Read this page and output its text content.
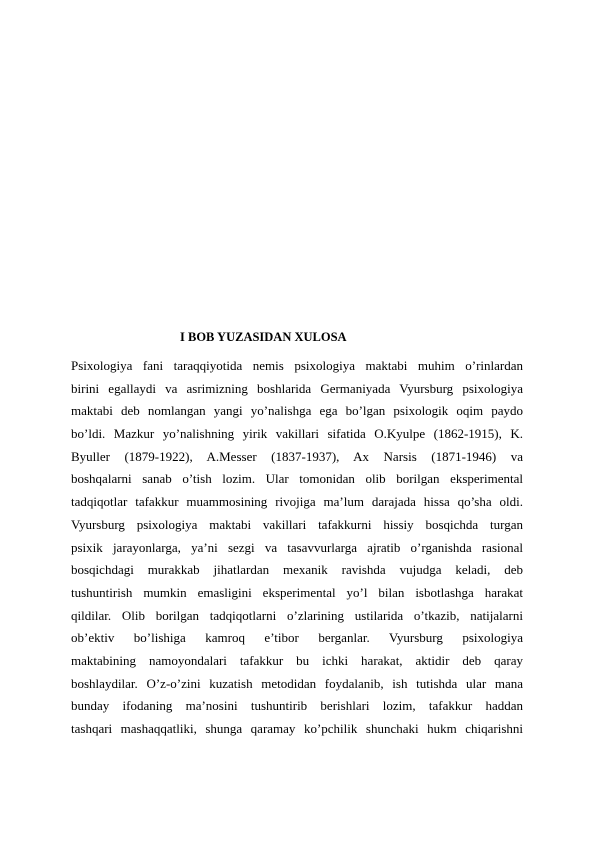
I BOB YUZASIDAN XULOSA
Psixologiya fani taraqqiyotida nemis psixologiya maktabi muhim o’rinlardan
birini egallaydi va asrimizning boshlarida Germaniyada Vyursburg psixologiya
maktabi deb nomlangan yangi yo’nalishga ega bo’lgan psixologik oqim paydo
bo’ldi. Mazkur yo’nalishning yirik vakillari sifatida O.Kyulpe (1862-1915), K.
Byuller (1879-1922), A.Messer (1837-1937), Ax Narsis (1871-1946) va
boshqalarni sanab o’tish lozim. Ular tomonidan olib borilgan eksperimental
tadqiqotlar tafakkur muammosining rivojiga ma’lum darajada hissa qo’sha oldi.
Vyursburg psixologiya maktabi vakillari tafakkurni hissiy bosqichda turgan
psixik jarayonlarga, ya’ni sezgi va tasavvurlarga ajratib o’rganishda rasional
bosqichdagi murakkab jihatlardan mexanik ravishda vujudga keladi, deb
tushuntirish mumkin emasligini eksperimental yo’l bilan isbotlashga harakat
qildilar. Olib borilgan tadqiqotlarni o’zlarining ustilarida o’tkazib, natijalarni
ob’ektiv bo’lishiga kamroq e’tibor berganlar. Vyursburg psixologiya
maktabining namoyondalari tafakkur bu ichki harakat, aktidir deb qaray
boshlaydilar. O’z-o’zini kuzatish metodidan foydalanib, ish tutishda ular mana
bunday ifodaning ma’nosini tushuntirib berishlari lozim, tafakkur haddan
tashqari mashaqqatliki, shunga qaramay ko’pchilik shunchaki hukm chiqarishni
